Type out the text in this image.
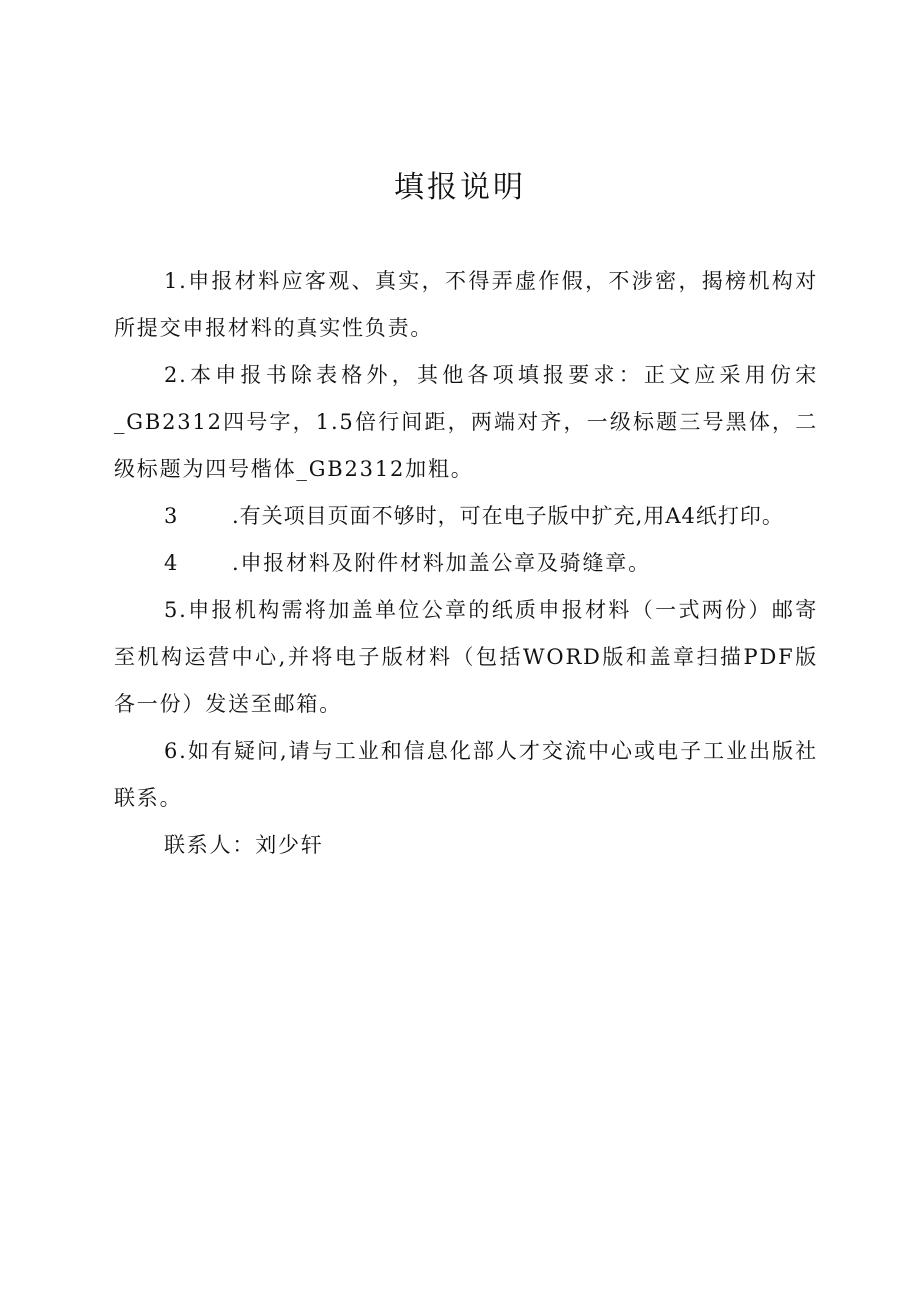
填报说明

1.申报材料应客观、真实，不得弄虚作假，不涉密，揭榜机构对所提交申报材料的真实性负责。

2.本申报书除表格外，其他各项填报要求：正文应采用仿宋_GB2312四号字，1.5倍行间距，两端对齐，一级标题三号黑体，二级标题为四号楷体_GB2312加粗。

3	.有关项目页面不够时，可在电子版中扩充,用A4纸打印。

4	.申报材料及附件材料加盖公章及骑缝章。

5.申报机构需将加盖单位公章的纸质申报材料（一式两份）邮寄至机构运营中心,并将电子版材料（包括WORD版和盖章扫描PDF版各一份）发送至邮箱。

6.如有疑问,请与工业和信息化部人才交流中心或电子工业出版社联系。

联系人：刘少轩
